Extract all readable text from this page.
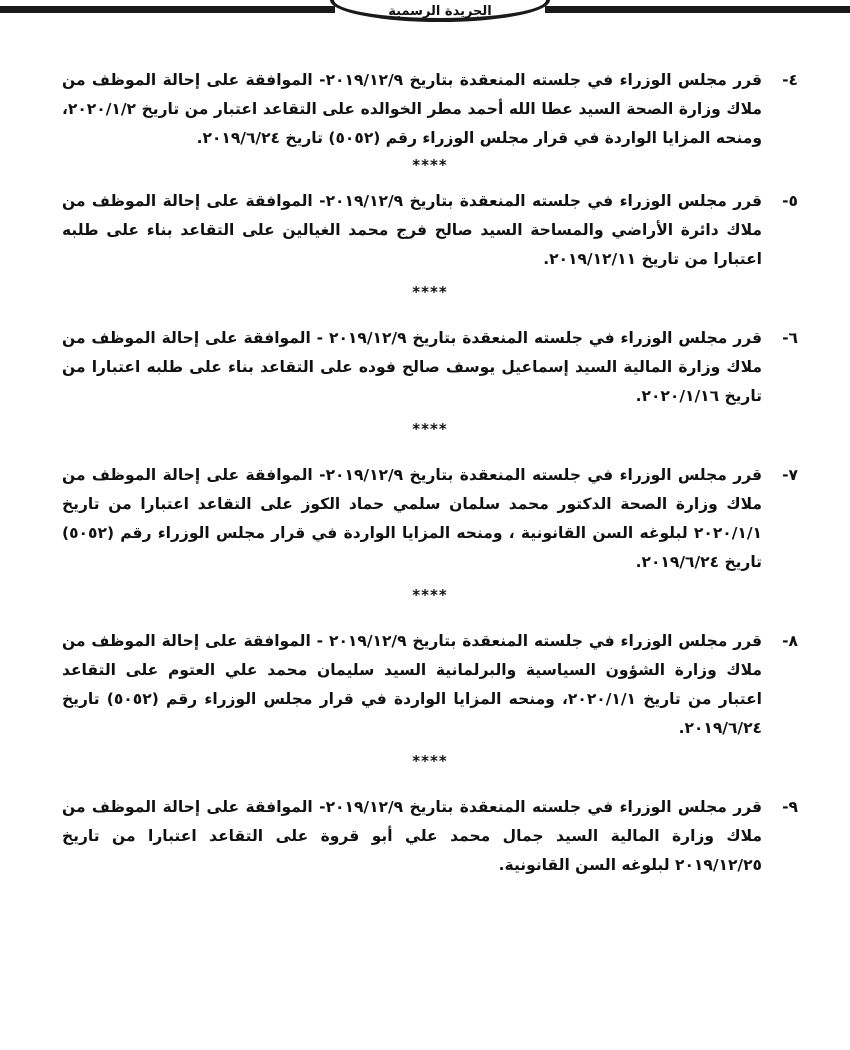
الجريدة الرسمية
٤-
قرر مجلس الوزراء في جلسته المنعقدة بتاريخ ٢٠١٩/١٢/٩- الموافقة على إحالة الموظف من ملاك وزارة الصحة السيد عطا الله أحمد مطر الخوالده على التقاعد اعتبار من تاريخ ٢٠٢٠/١/٢، ومنحه المزايا الواردة في قرار مجلس الوزراء رقم (٥٠٥٢) تاريخ ٢٠١٩/٦/٢٤.
****
٥-
قرر مجلس الوزراء في جلسته المنعقدة بتاريخ ٢٠١٩/١٢/٩- الموافقة على إحالة الموظف من ملاك دائرة الأراضي والمساحة السيد صالح فرج محمد الغيالين على التقاعد بناء على طلبه اعتبارا من تاريخ ٢٠١٩/١٢/١١.
****
٦-
قرر مجلس الوزراء في جلسته المنعقدة بتاريخ ٢٠١٩/١٢/٩ - الموافقة على إحالة الموظف من ملاك وزارة المالية السيد إسماعيل يوسف صالح فوده على التقاعد بناء على طلبه اعتبارا من تاريخ ٢٠٢٠/١/١٦.
****
٧-
قرر مجلس الوزراء في جلسته المنعقدة بتاريخ ٢٠١٩/١٢/٩- الموافقة على إحالة الموظف من ملاك وزارة الصحة الدكتور محمد سلمان سلمي حماد الكوز على التقاعد اعتبارا من تاريخ ٢٠٢٠/١/١ لبلوغه السن القانونية ، ومنحه المزايا الواردة في قرار مجلس الوزراء رقم (٥٠٥٢) تاريخ ٢٠١٩/٦/٢٤.
****
٨-
قرر مجلس الوزراء في جلسته المنعقدة بتاريخ ٢٠١٩/١٢/٩ - الموافقة على إحالة الموظف من ملاك وزارة الشؤون السياسية والبرلمانية السيد سليمان محمد علي العتوم على التقاعد اعتبار من تاريخ ٢٠٢٠/١/١، ومنحه المزايا الواردة في قرار مجلس الوزراء رقم (٥٠٥٢) تاريخ ٢٠١٩/٦/٢٤.
****
٩-
قرر مجلس الوزراء في جلسته المنعقدة بتاريخ ٢٠١٩/١٢/٩- الموافقة على إحالة الموظف من ملاك وزارة المالية السيد جمال محمد علي أبو قروة على التقاعد اعتبارا من تاريخ ٢٠١٩/١٢/٢٥ لبلوغه السن القانونية.
